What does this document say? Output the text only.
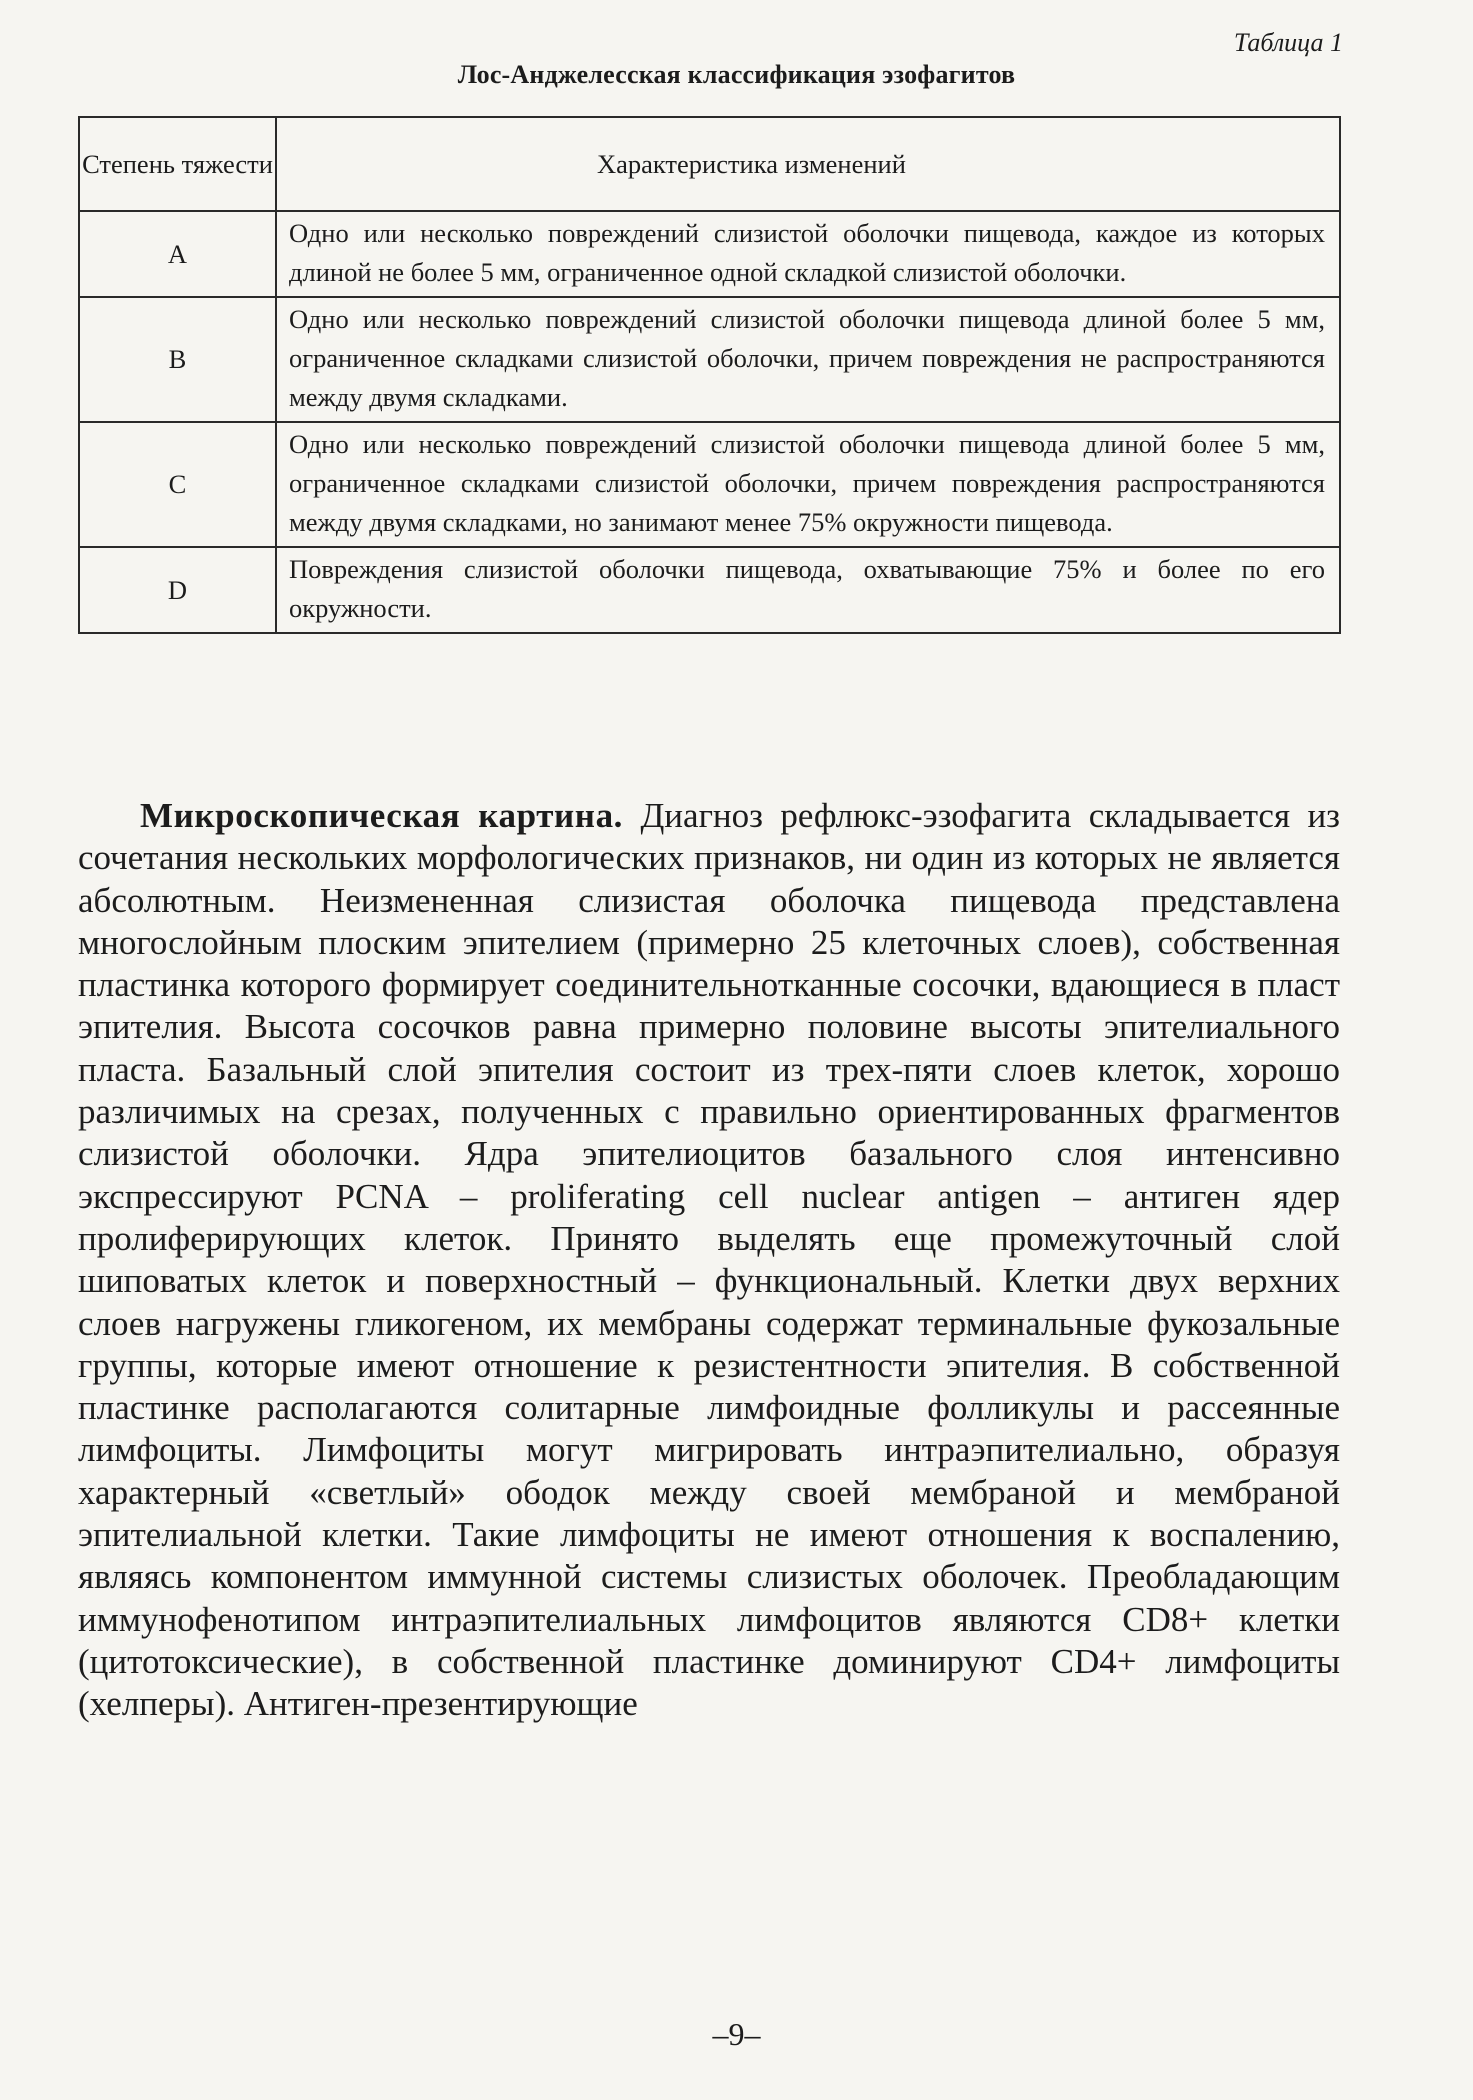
Таблица 1
Лос-Анджелесская классификация эзофагитов
Степень тяжести	Характеристика изменений
A	Одно или несколько повреждений слизистой оболочки пищевода, каждое из которых длиной не более 5 мм, ограниченное одной складкой слизистой оболочки.
B	Одно или несколько повреждений слизистой оболочки пищевода длиной более 5 мм, ограниченное складками слизистой оболочки, причем повреждения не распространяются между двумя складками.
C	Одно или несколько повреждений слизистой оболочки пищевода длиной более 5 мм, ограниченное складками слизистой оболочки, причем повреждения распространяются между двумя складками, но занимают менее 75% окружности пищевода.
D	Повреждения слизистой оболочки пищевода, охватывающие 75% и более по его окружности.

Микроскопическая картина. Диагноз рефлюкс-эзофагита складывается из сочетания нескольких морфологических признаков, ни один из которых не является абсолютным. Неизмененная слизистая оболочка пищевода представлена многослойным плоским эпителием (примерно 25 клеточных слоев), собственная пластинка которого формирует соединительнотканные сосочки, вдающиеся в пласт эпителия. Высота сосочков равна примерно половине высоты эпителиального пласта. Базальный слой эпителия состоит из трех-пяти слоев клеток, хорошо различимых на срезах, полученных с правильно ориентированных фрагментов слизистой оболочки. Ядра эпителиоцитов базального слоя интенсивно экспрессируют PCNA – proliferating cell nuclear antigen – антиген ядер пролиферирующих клеток. Принято выделять еще промежуточный слой шиповатых клеток и поверхностный – функциональный. Клетки двух верхних слоев нагружены гликогеном, их мембраны содержат терминальные фукозальные группы, которые имеют отношение к резистентности эпителия. В собственной пластинке располагаются солитарные лимфоидные фолликулы и рассеянные лимфоциты. Лимфоциты могут мигрировать интраэпителиально, образуя характерный «светлый» ободок между своей мембраной и мембраной эпителиальной клетки. Такие лимфоциты не имеют отношения к воспалению, являясь компонентом иммунной системы слизистых оболочек. Преобладающим иммунофенотипом интраэпителиальных лимфоцитов являются CD8+ клетки (цитотоксические), в собственной пластинке доминируют CD4+ лимфоциты (хелперы). Антиген-презентирующие

–9–
